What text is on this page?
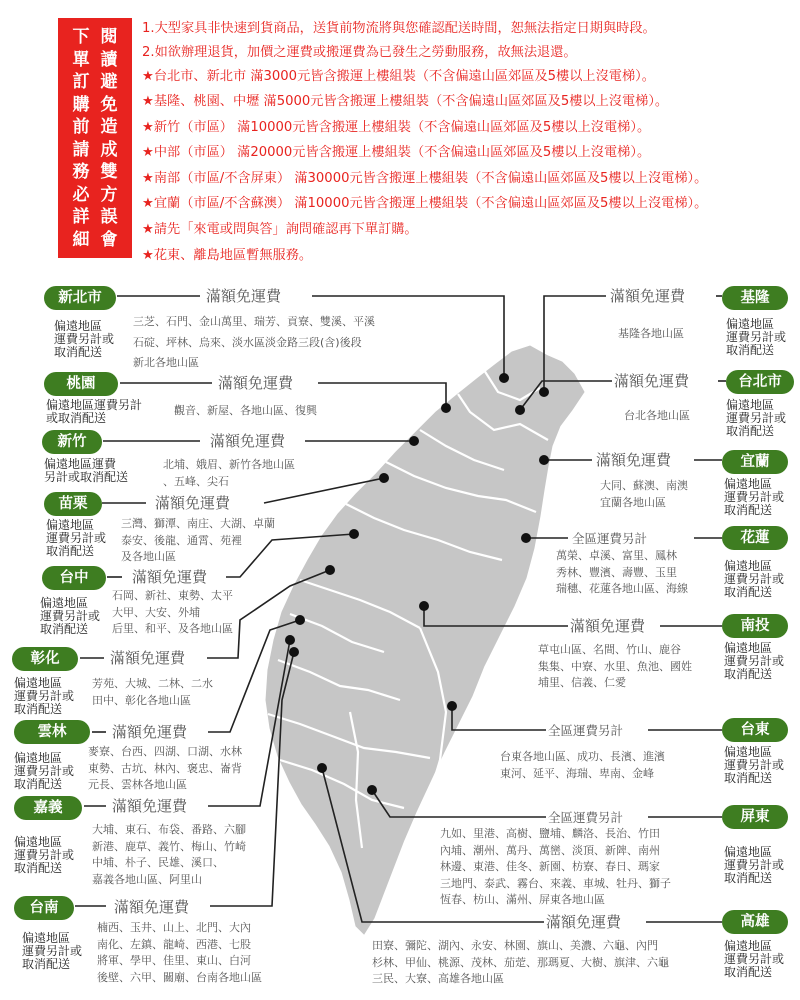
閱讀避免造成雙方誤會
下單訂購前請務必詳細
1.大型家具非快速到貨商品，送貨前物流將與您確認配送時間，恕無法指定日期與時段。
2.如欲辦理退貨，加價之運費或搬運費為已發生之勞動服務，故無法退還。
★台北市、新北市 滿3000元皆含搬運上樓組裝（不含偏遠山區郊區及5樓以上沒電梯）。
★基隆、桃園、中壢 滿5000元皆含搬運上樓組裝（不含偏遠山區郊區及5樓以上沒電梯）。
★新竹（市區） 滿10000元皆含搬運上樓組裝（不含偏遠山區郊區及5樓以上沒電梯）。
★中部（市區） 滿20000元皆含搬運上樓組裝（不含偏遠山區郊區及5樓以上沒電梯）。
★南部（市區/不含屏東） 滿30000元皆含搬運上樓組裝（不含偏遠山區郊區及5樓以上沒電梯）。
★宜蘭（市區/不含蘇澳） 滿10000元皆含搬運上樓組裝（不含偏遠山區郊區及5樓以上沒電梯）。
★請先「來電或問與答」詢問確認再下單訂購。
★花東、離島地區暫無服務。
新北市	滿額免運費
偏遠地區
運費另計或
取消配送
三芝、石門、金山萬里、瑞芳、貢寮、雙溪、平溪
石碇、坪林、烏來、淡水區淡金路三段(含)後段
新北各地山區
桃園	滿額免運費
偏遠地區運費另計
或取消配送
觀音、新屋、各地山區、復興
新竹	滿額免運費
偏遠地區運費
另計或取消配送
北埔、娥眉、新竹各地山區
、五峰、尖石
苗栗	滿額免運費
偏遠地區
運費另計或
取消配送
三灣、獅潭、南庄、大湖、卓蘭
泰安、後龍、通霄、苑裡
及各地山區
台中	滿額免運費
偏遠地區
運費另計或
取消配送
石岡、新社、東勢、太平
大甲、大安、外埔
后里、和平、及各地山區
彰化	滿額免運費
偏遠地區
運費另計或
取消配送
芳苑、大城、二林、二水
田中、彰化各地山區
雲林	滿額免運費
偏遠地區
運費另計或
取消配送
麥寮、台西、四湖、口湖、水林
東勢、古坑、林內、褒忠、崙背
元長、雲林各地山區
嘉義	滿額免運費
偏遠地區
運費另計或
取消配送
大埔、東石、布袋、番路、六腳
新港、鹿草、義竹、梅山、竹崎
中埔、朴子、民雄、溪口、
嘉義各地山區、阿里山
台南	滿額免運費
偏遠地區
運費另計或
取消配送
楠西、玉井、山上、北門、大內
南化、左鎮、龍崎、西港、七股
將軍、學甲、佳里、東山、白河
後壁、六甲、關廟、台南各地山區
基隆
滿額免運費
偏遠地區
運費另計或
取消配送
基隆各地山區
台北市
滿額免運費
偏遠地區
運費另計或
取消配送
台北各地山區
宜蘭
滿額免運費
偏遠地區
運費另計或
取消配送
大同、蘇澳、南澳
宜蘭各地山區
花蓮
全區運費另計
偏遠地區
運費另計或
取消配送
萬榮、卓溪、富里、鳳林
秀林、豐濱、壽豐、玉里
瑞穗、花蓮各地山區、海線
南投
滿額免運費
偏遠地區
運費另計或
取消配送
草屯山區、名間、竹山、鹿谷
集集、中寮、水里、魚池、國姓
埔里、信義、仁愛
台東
全區運費另計
偏遠地區
運費另計或
取消配送
台東各地山區、成功、長濱、進濱
東河、延平、海瑞、卑南、金峰
屏東
全區運費另計
偏遠地區
運費另計或
取消配送
九如、里港、高樹、鹽埔、麟洛、長治、竹田
內埔、潮州、萬丹、萬巒、淡頂、新陴、南州
林邊、東港、佳冬、新園、枋寮、春日、瑪家
三地門、泰武、霧台、來義、車城、牡丹、獅子
恆春、枋山、滿州、屏東各地山區
高雄
滿額免運費
偏遠地區
運費另計或
取消配送
田寮、彌陀、湖內、永安、林園、旗山、美濃、六龜、內門
杉林、甲仙、桃源、茂林、茄萣、那瑪夏、大樹、旗津、六龜
三民、大寮、高雄各地山區
